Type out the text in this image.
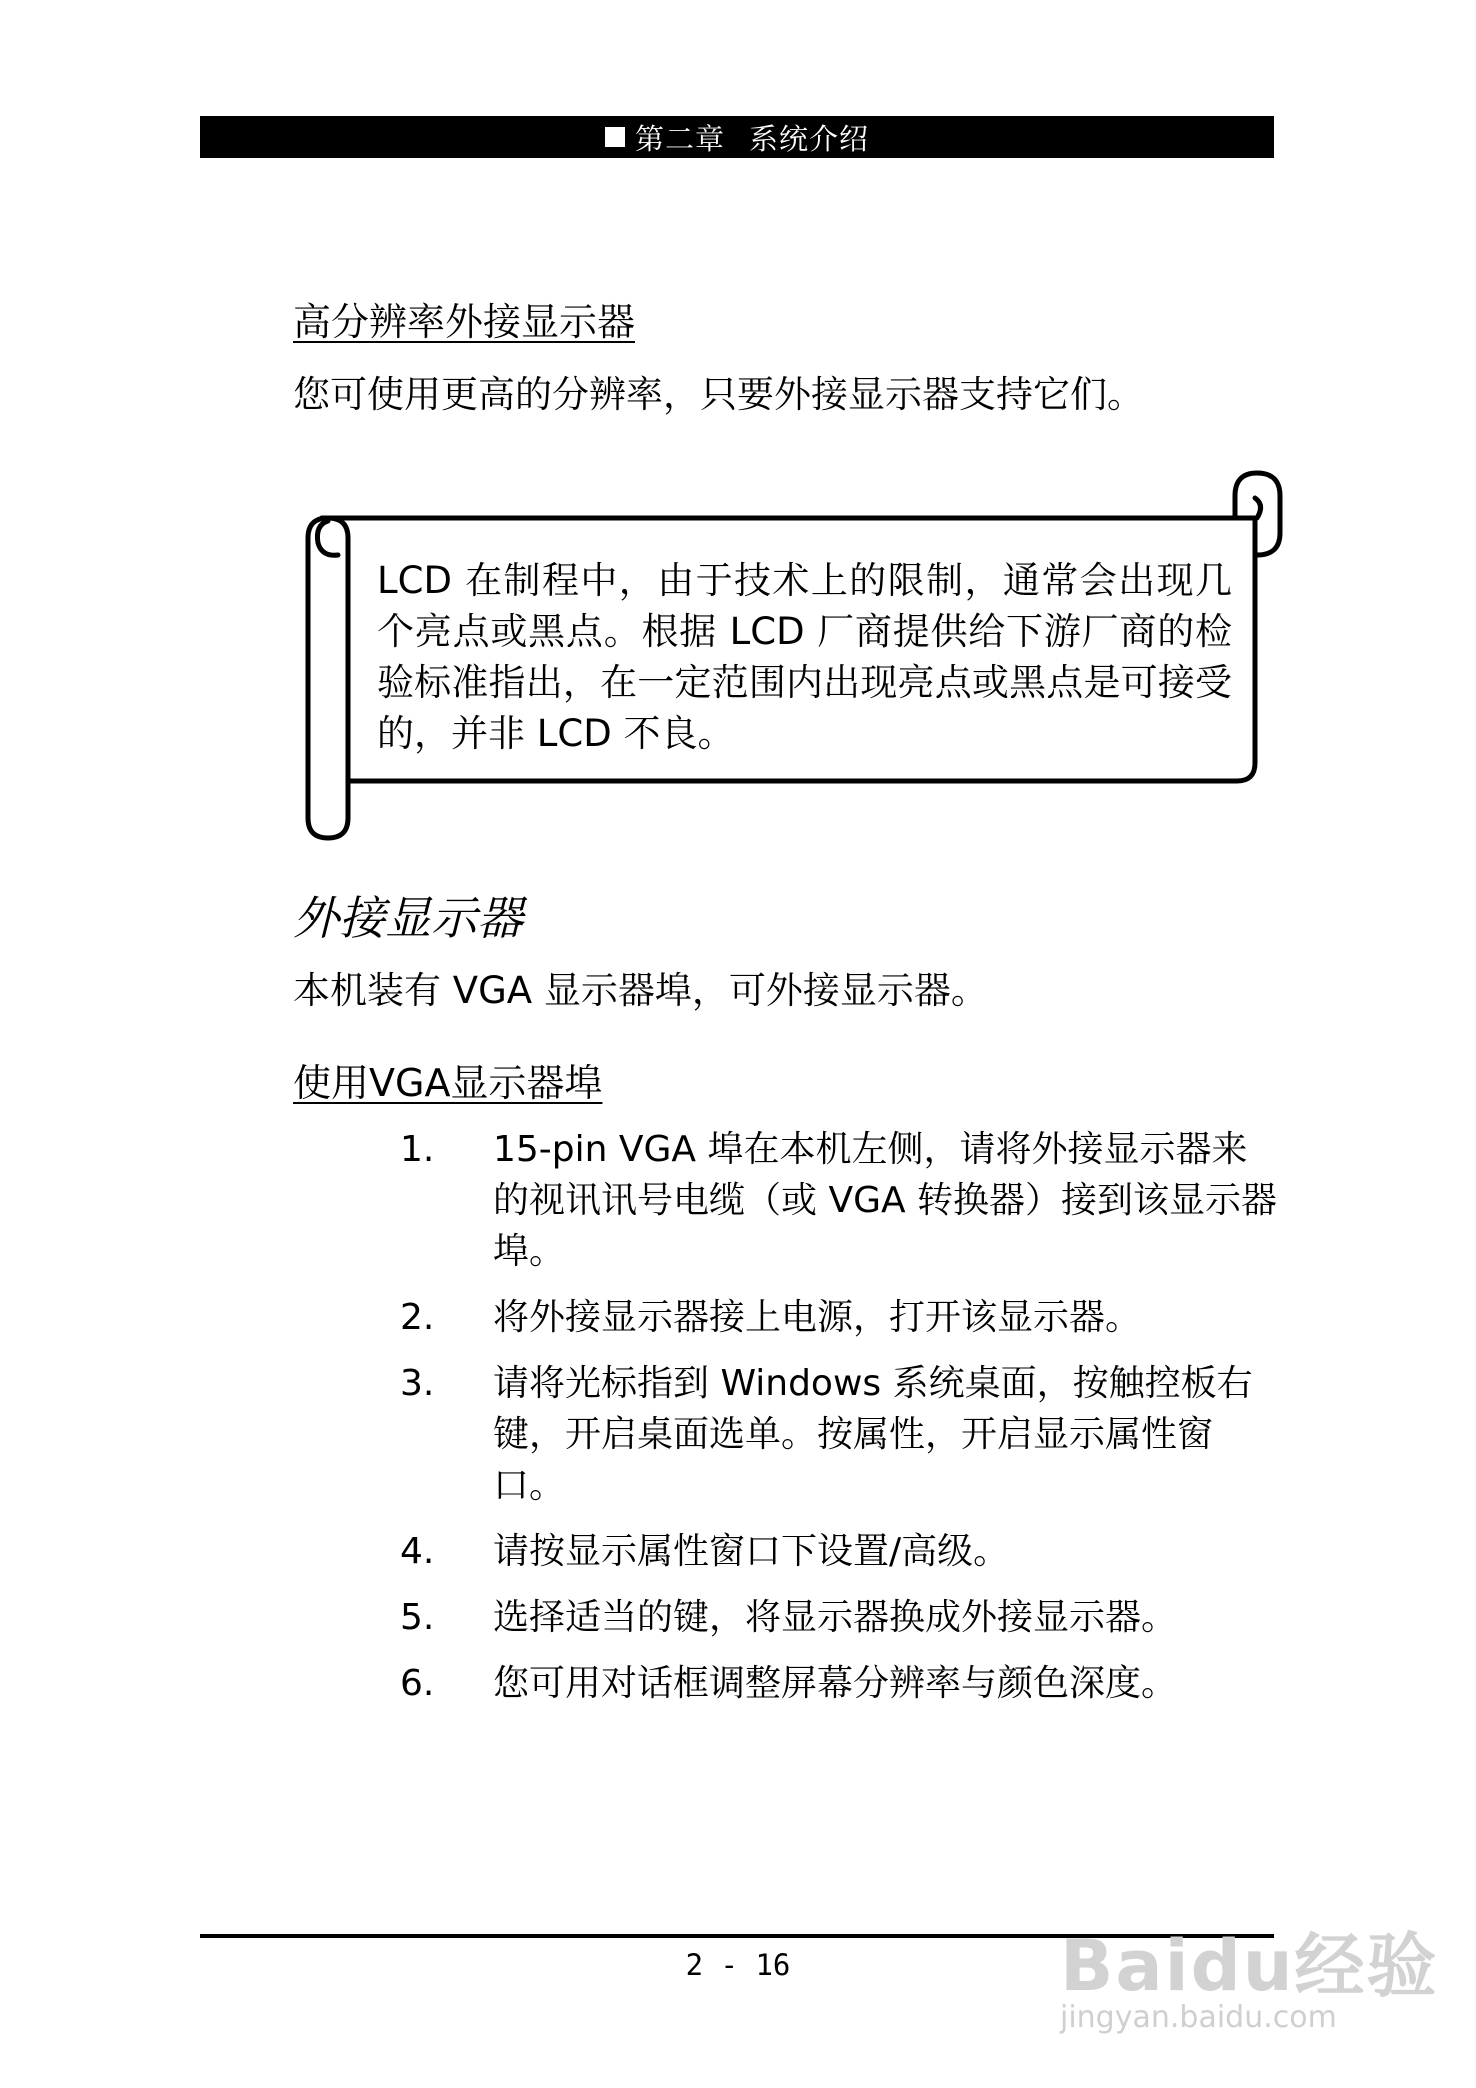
第二章 系统介绍
高分辨率外接显示器
您可使用更高的分辨率，只要外接显示器支持它们。
LCD 在制程中，由于技术上的限制，通常会出现几个亮点或黑点。根据 LCD 厂商提供给下游厂商的检验标准指出，在一定范围内出现亮点或黑点是可接受的，并非 LCD 不良。
外接显示器
本机装有 VGA 显示器埠，可外接显示器。
使用VGA显示器埠
1.	15-pin VGA 埠在本机左侧，请将外接显示器来的视讯讯号电缆（或 VGA 转换器）接到该显示器埠。
2.	将外接显示器接上电源，打开该显示器。
3.	请将光标指到 Windows 系统桌面，按触控板右键，开启桌面选单。按属性，开启显示属性窗口。
4.	请按显示属性窗口下设置/高级。
5.	选择适当的键，将显示器换成外接显示器。
6.	您可用对话框调整屏幕分辨率与颜色深度。
2 - 16	Baidu经验
jingyan.baidu.com
